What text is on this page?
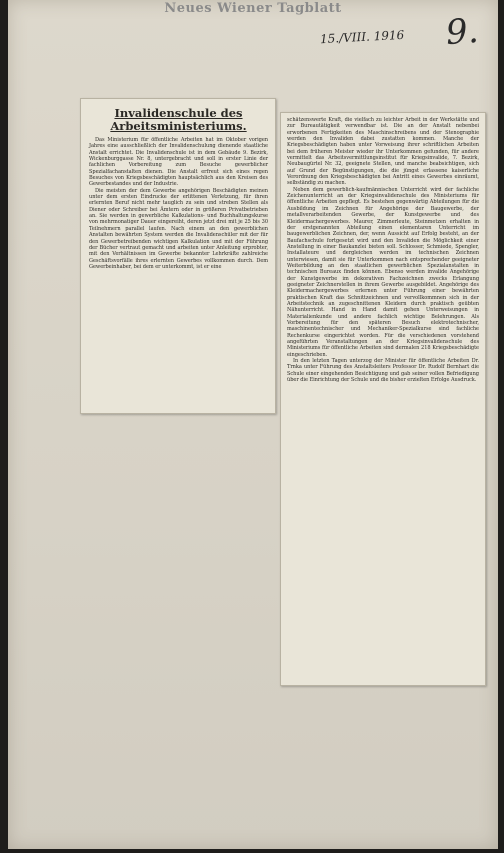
Neues Wiener Tagblatt
15./VIII. 1916 9.
Invalidenschule des Arbeitsministeriums.

Das Ministerium für öffentliche Arbeiten hat im Oktober vorigen Jahres eine ausschließlich der Invalidenschulung dienende staatliche Anstalt errichtet. Die Invalidenschule ist in dem Gebäude 9. Bezirk, Wickenburggasse Nr. 8, untergebracht und soll in erster Linie der fachlichen Vorbereitung zum Besuche gewerblicher Spezialfachanstalten dienen. Die Anstalt erfreut sich eines regen Besuches von Kriegsbeschädigten hauptsächlich aus den Kreisen des Gewerbestandes und der Industrie.

Die meisten der dem Gewerbe angehörigen Beschädigten meinen unter dem ersten Eindrucke der erlittenen Verletzung, für ihren erlernten Beruf nicht mehr tauglich zu sein und streben Stellen als Diener oder Schreiber bei Ämtern oder in größeren Privatbetrieben an. Sie werden in gewerbliche Kalkulations- und Buchhaltungskurse von mehrmonatiger Dauer eingereiht, deren jetzt drei mit je 25 bis 30 Teilnehmern parallel laufen. Nach einem an den gewerblichen Anstalten bewährten System werden die Invalidenschüler mit der für den Gewerbetreibenden wichtigen Kalkulation und mit der Führung der Bücher vertraut gemacht und arbeiten unter Anleitung erprobter, mit den Verhältnissen im Gewerbe bekannter Lehrkräfte zahlreiche Geschäftsvorfälle ihres erlernten Gewerbes vollkommen durch. Dem Gewerbeinhaber, bei dem er unterkommt, ist er eine

schätzenswerte Kraft, die vielfach zu leichter Arbeit in der Werkstätte und zur Bureautätigkeit verwendbar ist. Die an der Anstalt nebenbei erworbenen Fertigkeiten des Maschinschreibens und der Stenographie werden den Invaliden dabei zustatten kommen. Manche der Kriegsbeschädigten haben unter Vorweisung ihrer schriftlichen Arbeiten bei dem früheren Meister wieder ihr Unterkommen gefunden, für andere vermittelt das Arbeitsvermittlungsinstitut für Kriegsinvalide, 7. Bezirk, Neubaugürtel Nr. 32, geeignete Stellen, und manche beabsichtigen, sich auf Grund der Begünstigungen, die die jüngst erlassene kaiserliche Verordnung den Kriegsbeschädigten bei Antritt eines Gewerbes einräumt, selbständig zu machen.

Neben dem gewerblich-kaufmännischen Unterricht wird der fachliche Zeichenunterricht an der Kriegsinvalidenschule des Ministeriums für öffentliche Arbeiten gepflegt. Es bestehen gegenwärtig Abteilungen für die Ausbildung im Zeichnen für Angehörige der Baugewerbe, der metallverarbeitenden Gewerbe, der Kunstgewerbe und des Kleidermachergewerbes. Maurer, Zimmerleute, Steinmetzen erhalten in der erstgenannten Abteilung einen elementaren Unterricht im baugewerblichen Zeichnen, der, wenn Aussicht auf Erfolg besteht, an der Baufachschule fortgesetzt wird und den Invaliden die Möglichkeit einer Anstellung in einer Baukanzlei bieten soll. Schlosser, Schmiede, Spengler, Installateure und dergleichen werden im technischen Zeichnen unterwiesen, damit sie für Unterkommen nach entsprechender geeigneter Weiterbildung an den staatlichen gewerblichen Spezialanstalten in technischen Bureaux finden können. Ebenso werden invalide Angehörige der Kunstgewerbe im dekorativen Fachzeichnen zwecks Erlangung geeigneter Zeichnerstellen in ihrem Gewerbe ausgebildet. Angehörige des Kleidermachergewerbes erlernen unter Führung einer bewährten praktischen Kraft das Schnittzeichnen und vervollkommnen sich in der Arbeitstechnik an zugeschnittenen Kleidern durch praktisch geübten Nähunterricht. Hand in Hand damit gehen Unterweisungen in Materialienkunde und andere fachlich wichtige Belehrungen. Als Vorbereitung für den späteren Besuch elektrotechnischer, maschinentechnischer und Mechaniker-Spezialkurse sind fachliche Rechenkurse eingerichtet worden. Für die verschiedenen vorstehend angeführten Veranstaltungen an der Kriegsinvalidenschule des Ministeriums für öffentliche Arbeiten sind dermalen 218 Kriegsbeschädigte eingeschrieben.

In den letzten Tagen unterzog der Minister für öffentliche Arbeiten Dr. Trnka unter Führung des Anstaltsleiters Professor Dr. Rudolf Bernhart die Schule einer eingehenden Besichtigung und gab seiner vollen Befriedigung über die Einrichtung der Schule und die bisher erzielten Erfolge Ausdruck.
